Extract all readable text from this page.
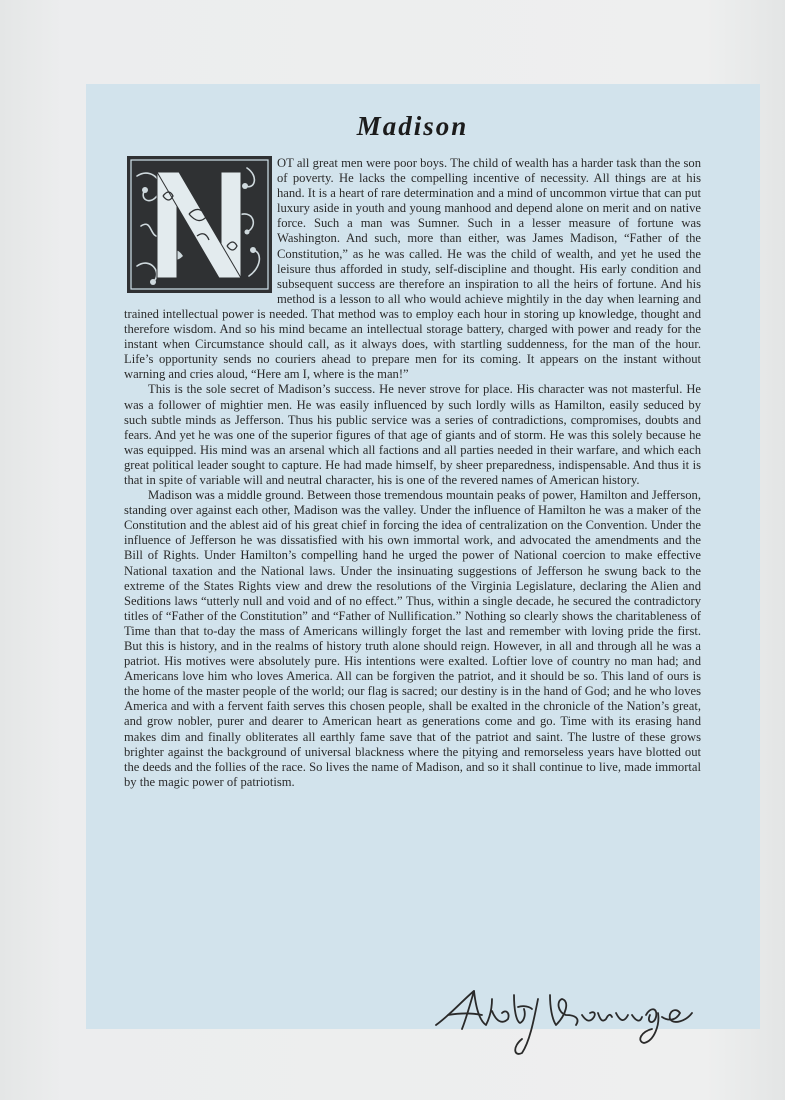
Madison

OT all great men were poor boys. The child of wealth has a harder task than the son of poverty. He lacks the compelling incentive of necessity. All things are at his hand. It is a heart of rare determination and a mind of uncommon virtue that can put luxury aside in youth and young manhood and depend alone on merit and on native force. Such a man was Sumner. Such in a lesser measure of fortune was Washington. And such, more than either, was James Madison, “Father of the Constitution,” as he was called. He was the child of wealth, and yet he used the leisure thus afforded in study, self-discipline and thought. His early condition and subsequent success are therefore an inspiration to all the heirs of fortune. And his method is a lesson to all who would achieve mightily in the day when learning and trained intellectual power is needed. That method was to employ each hour in storing up knowledge, thought and therefore wisdom. And so his mind became an intellectual storage battery, charged with power and ready for the instant when Circumstance should call, as it always does, with startling suddenness, for the man of the hour. Life’s opportunity sends no couriers ahead to prepare men for its coming. It appears on the instant without warning and cries aloud, “Here am I, where is the man!”

This is the sole secret of Madison’s success. He never strove for place. His character was not masterful. He was a follower of mightier men. He was easily influenced by such lordly wills as Hamilton, easily seduced by such subtle minds as Jefferson. Thus his public service was a series of contradictions, compromises, doubts and fears. And yet he was one of the superior figures of that age of giants and of storm. He was this solely because he was equipped. His mind was an arsenal which all factions and all parties needed in their warfare, and which each great political leader sought to capture. He had made himself, by sheer preparedness, indispensable. And thus it is that in spite of variable will and neutral character, his is one of the revered names of American history.

Madison was a middle ground. Between those tremendous mountain peaks of power, Hamilton and Jefferson, standing over against each other, Madison was the valley. Under the influence of Hamilton he was a maker of the Constitution and the ablest aid of his great chief in forcing the idea of centralization on the Convention. Under the influence of Jefferson he was dissatisfied with his own immortal work, and advocated the amendments and the Bill of Rights. Under Hamilton’s compelling hand he urged the power of National coercion to make effective National taxation and the National laws. Under the insinuating suggestions of Jefferson he swung back to the extreme of the States Rights view and drew the resolutions of the Virginia Legislature, declaring the Alien and Seditions laws “utterly null and void and of no effect.” Thus, within a single decade, he secured the contradictory titles of “Father of the Constitution” and “Father of Nullification.” Nothing so clearly shows the charitableness of Time than that to-day the mass of Americans willingly forget the last and remember with loving pride the first. But this is history, and in the realms of history truth alone should reign. However, in all and through all he was a patriot. His motives were absolutely pure. His intentions were exalted. Loftier love of country no man had; and Americans love him who loves America. All can be forgiven the patriot, and it should be so. This land of ours is the home of the master people of the world; our flag is sacred; our destiny is in the hand of God; and he who loves America and with a fervent faith serves this chosen people, shall be exalted in the chronicle of the Nation’s great, and grow nobler, purer and dearer to American heart as generations come and go. Time with its erasing hand makes dim and finally obliterates all earthly fame save that of the patriot and saint. The lustre of these grows brighter against the background of universal blackness where the pitying and remorseless years have blotted out the deeds and the follies of the race. So lives the name of Madison, and so it shall continue to live, made immortal by the magic power of patriotism.
